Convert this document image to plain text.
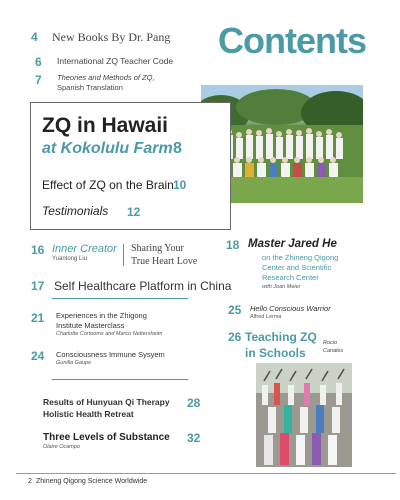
Contents
4 New Books By Dr. Pang
6 International ZQ Teacher Code
7 Theories and Methods of ZQ,
Spanish Translation
ZQ in Hawaii
at Kokolulu Farm 8
Effect of ZQ on the Brain 10
Testimonials 12
16 Inner Creator
Yuantong Liu
Sharing Your
True Heart Love
17 Self Healthcare Platform in China
21 Experiences in the Zhigong
Institute Masterclass
Charlotte Cortooms and Marco Nettersheim
24 Consciousness Immune Sysyem
Gunilla Gaupe
Results of Hunyuan Qi Therapy
Holistic Health Retreat
28
Three Levels of Substance 32
Olaire Ocampo
18 Master Jared He
on the Zhineng Qigong
Center and Scientific
Research Center
with Joan Meier
25 Hello Conscious Warrior
Alfred Lerma
26 Teaching ZQ
in Schools
Rocio
Canales
2 Zhineng Qigong Science Worldwide
